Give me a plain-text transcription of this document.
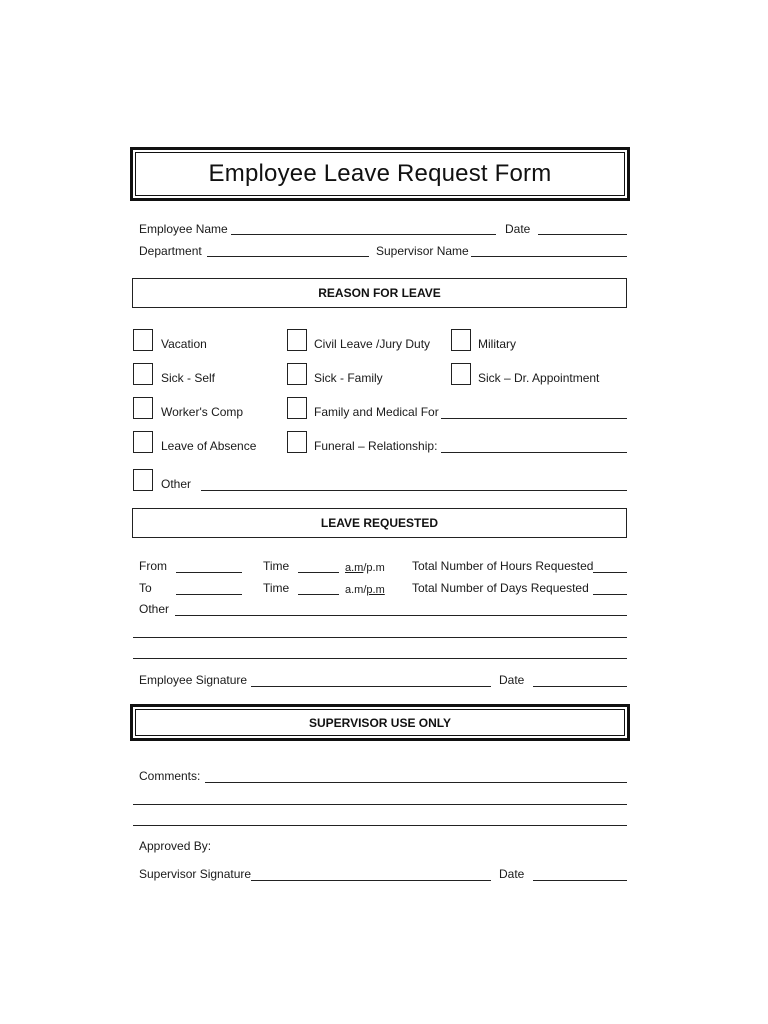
Employee Leave Request Form
Employee Name	Date
Department	Supervisor Name
REASON FOR LEAVE
Vacation	Civil Leave /Jury Duty	Military
Sick - Self	Sick - Family	Sick – Dr. Appointment
Worker's Comp	Family and Medical For
Leave of Absence	Funeral – Relationship:
Other
LEAVE REQUESTED
From	Time	a.m/p.m Total Number of Hours Requested
To	Time	a.m/p.m Total Number of Days Requested
Other
Employee Signature	Date
SUPERVISOR USE ONLY
Comments:
Approved By:
Supervisor Signature	Date
